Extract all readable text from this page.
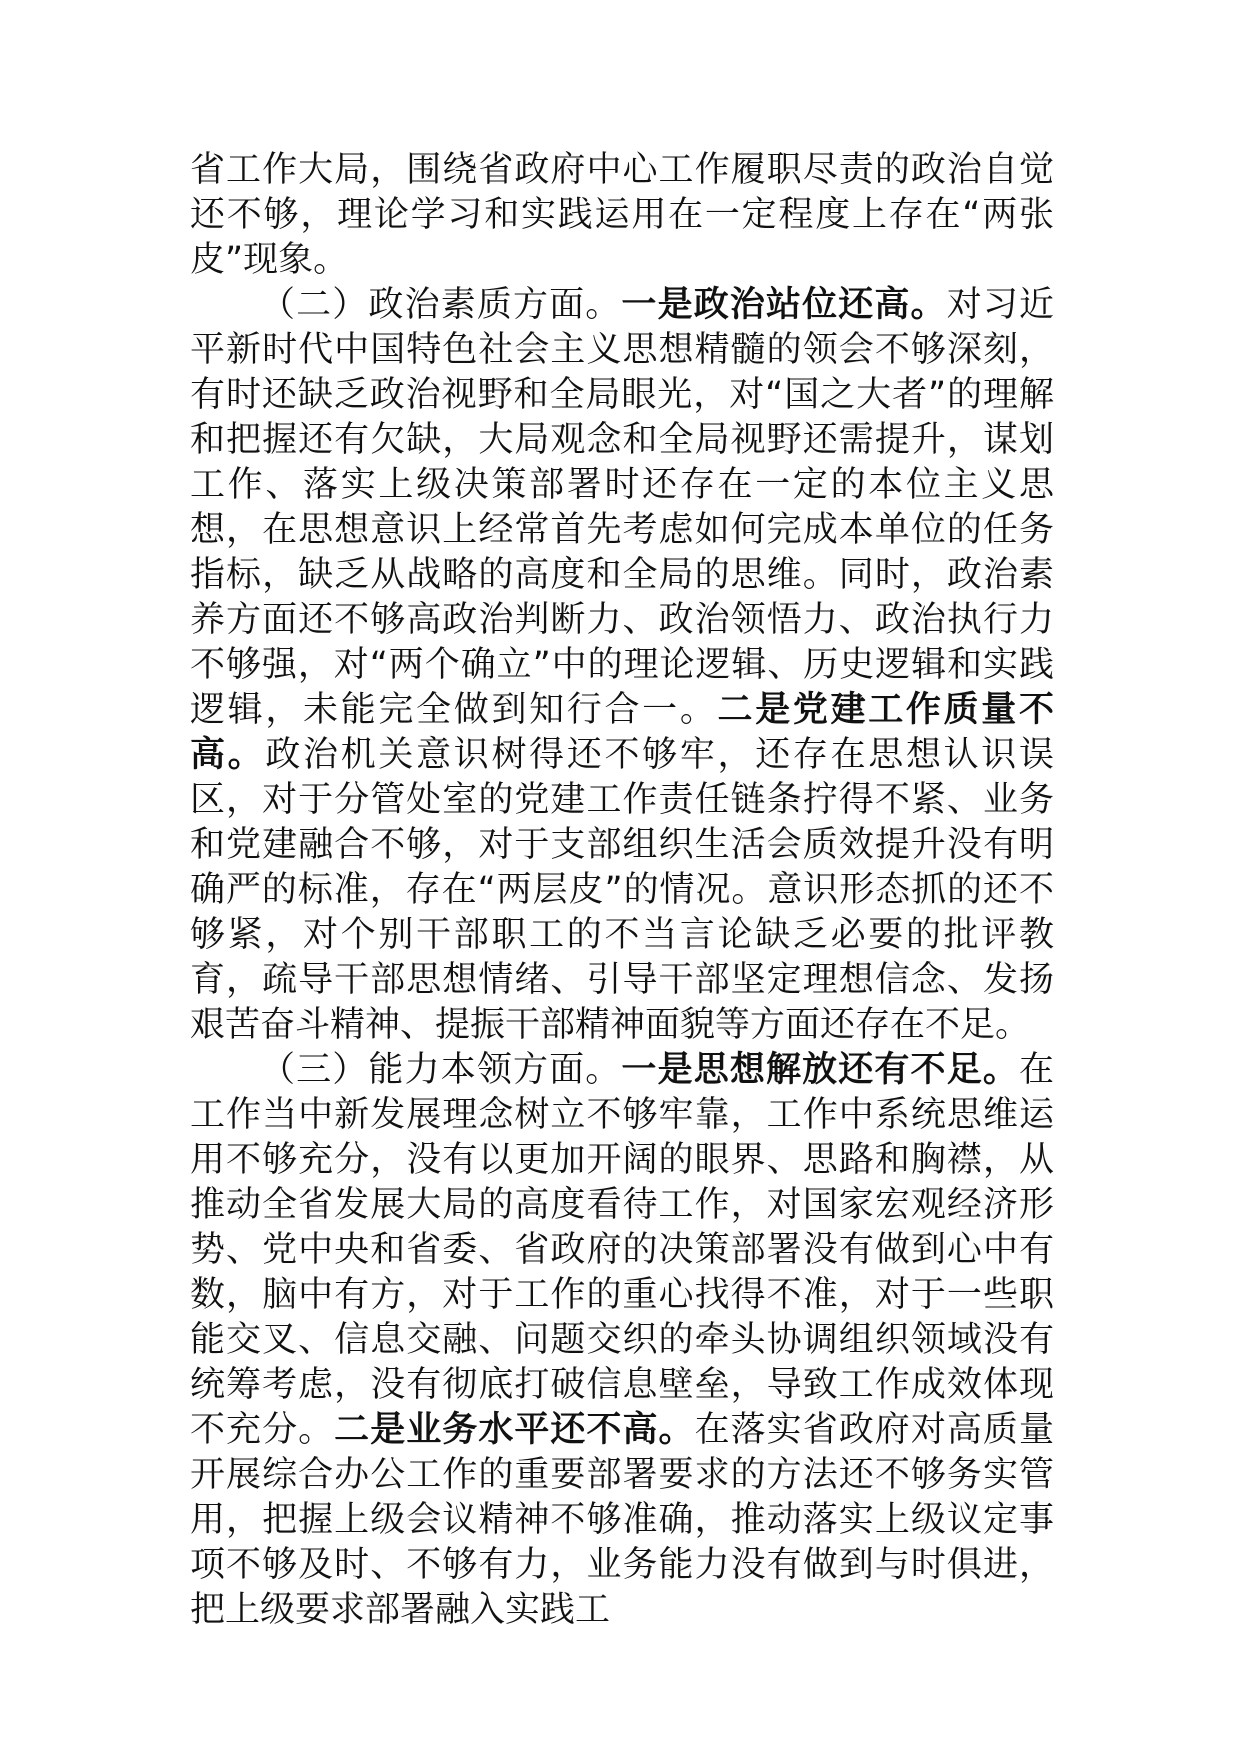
省工作大局，围绕省政府中心工作履职尽责的政治自觉还不够，理论学习和实践运用在一定程度上存在“两张皮”现象。

（二）政治素质方面。一是政治站位还高。对习近平新时代中国特色社会主义思想精髓的领会不够深刻，有时还缺乏政治视野和全局眼光，对“国之大者”的理解和把握还有欠缺，大局观念和全局视野还需提升，谋划工作、落实上级决策部署时还存在一定的本位主义思想，在思想意识上经常首先考虑如何完成本单位的任务指标，缺乏从战略的高度和全局的思维。同时，政治素养方面还不够高政治判断力、政治领悟力、政治执行力不够强，对“两个确立”中的理论逻辑、历史逻辑和实践逻辑，未能完全做到知行合一。二是党建工作质量不高。政治机关意识树得还不够牢，还存在思想认识误区，对于分管处室的党建工作责任链条拧得不紧、业务和党建融合不够，对于支部组织生活会质效提升没有明确严的标准，存在“两层皮”的情况。意识形态抓的还不够紧，对个别干部职工的不当言论缺乏必要的批评教育，疏导干部思想情绪、引导干部坚定理想信念、发扬艰苦奋斗精神、提振干部精神面貌等方面还存在不足。

（三）能力本领方面。一是思想解放还有不足。在工作当中新发展理念树立不够牢靠，工作中系统思维运用不够充分，没有以更加开阔的眼界、思路和胸襟，从推动全省发展大局的高度看待工作，对国家宏观经济形势、党中央和省委、省政府的决策部署没有做到心中有数，脑中有方，对于工作的重心找得不准，对于一些职能交叉、信息交融、问题交织的牵头协调组织领域没有统筹考虑，没有彻底打破信息壁垒，导致工作成效体现不充分。二是业务水平还不高。在落实省政府对高质量开展综合办公工作的重要部署要求的方法还不够务实管用，把握上级会议精神不够准确，推动落实上级议定事项不够及时、不够有力，业务能力没有做到与时俱进，把上级要求部署融入实践工
